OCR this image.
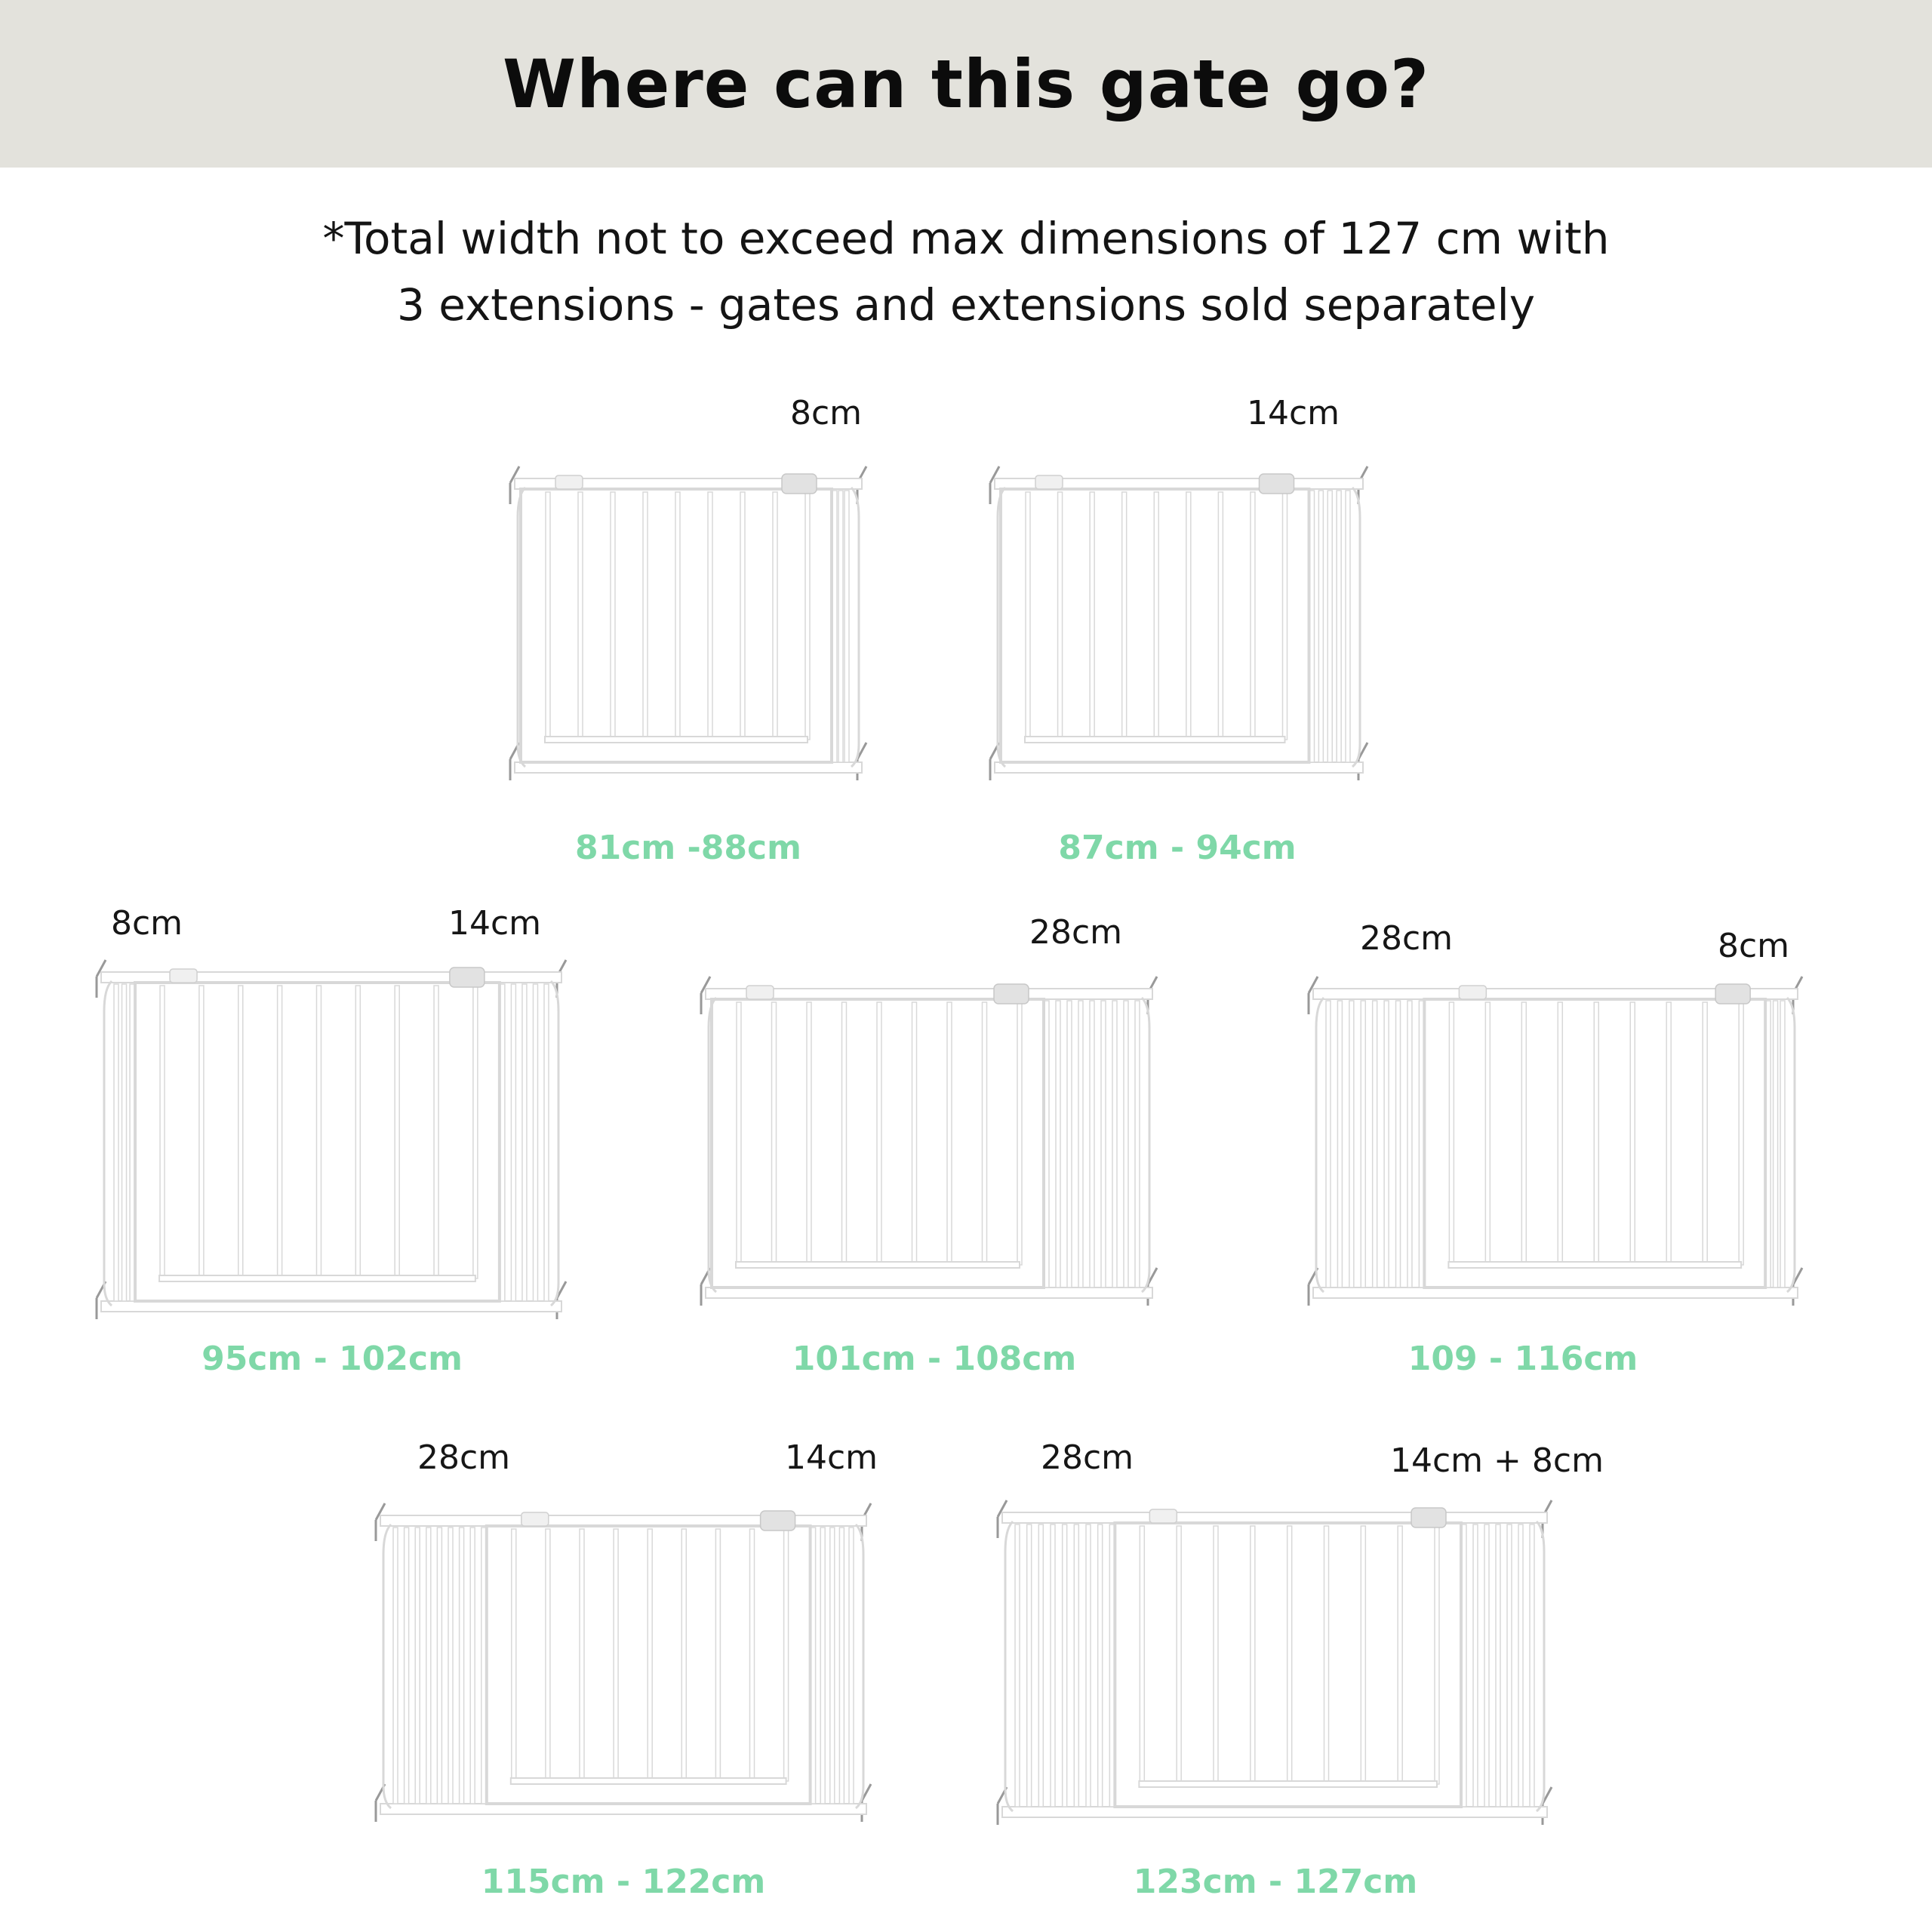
Where can this gate go?
*Total width not to exceed max dimensions of 127 cm with
3 extensions - gates and extensions sold separately
8cm
81cm -88cm
14cm
87cm - 94cm
8cm	14cm
95cm - 102cm
28cm
101cm - 108cm
28cm	8cm
109 - 116cm
28cm	14cm
115cm - 122cm
28cm	14cm + 8cm
123cm - 127cm
